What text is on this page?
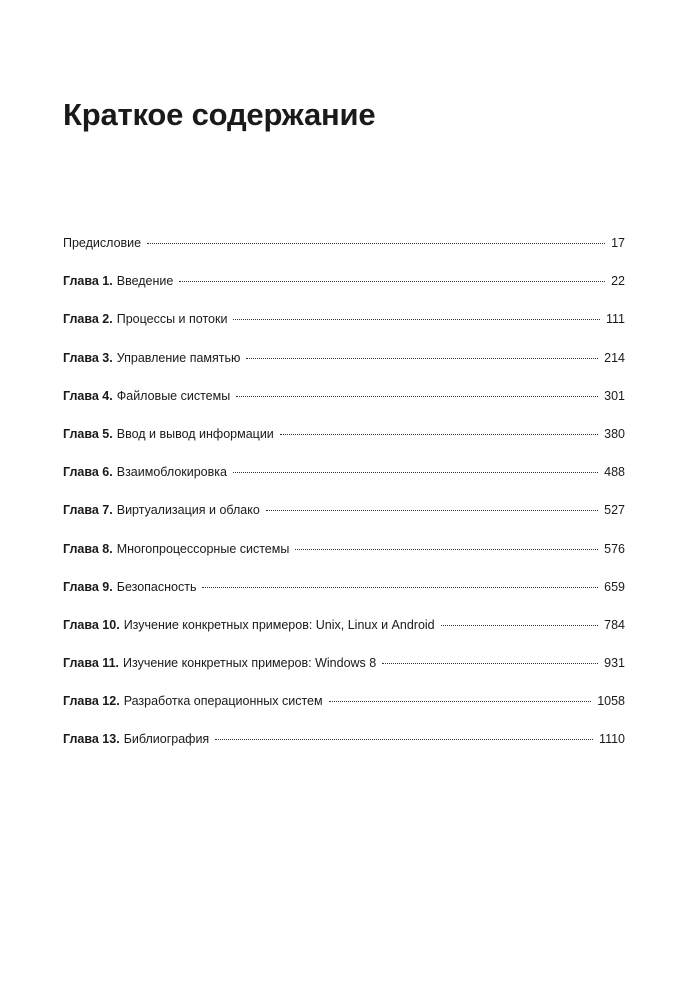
Краткое содержание
Предисловие	17
Глава 1. Введение	22
Глава 2. Процессы и потоки	111
Глава 3. Управление памятью	214
Глава 4. Файловые системы	301
Глава 5. Ввод и вывод информации	380
Глава 6. Взаимоблокировка	488
Глава 7. Виртуализация и облако	527
Глава 8. Многопроцессорные системы	576
Глава 9. Безопасность	659
Глава 10. Изучение конкретных примеров: Unix, Linux и Android	784
Глава 11. Изучение конкретных примеров: Windows 8	931
Глава 12. Разработка операционных систем	1058
Глава 13. Библиография	1110
